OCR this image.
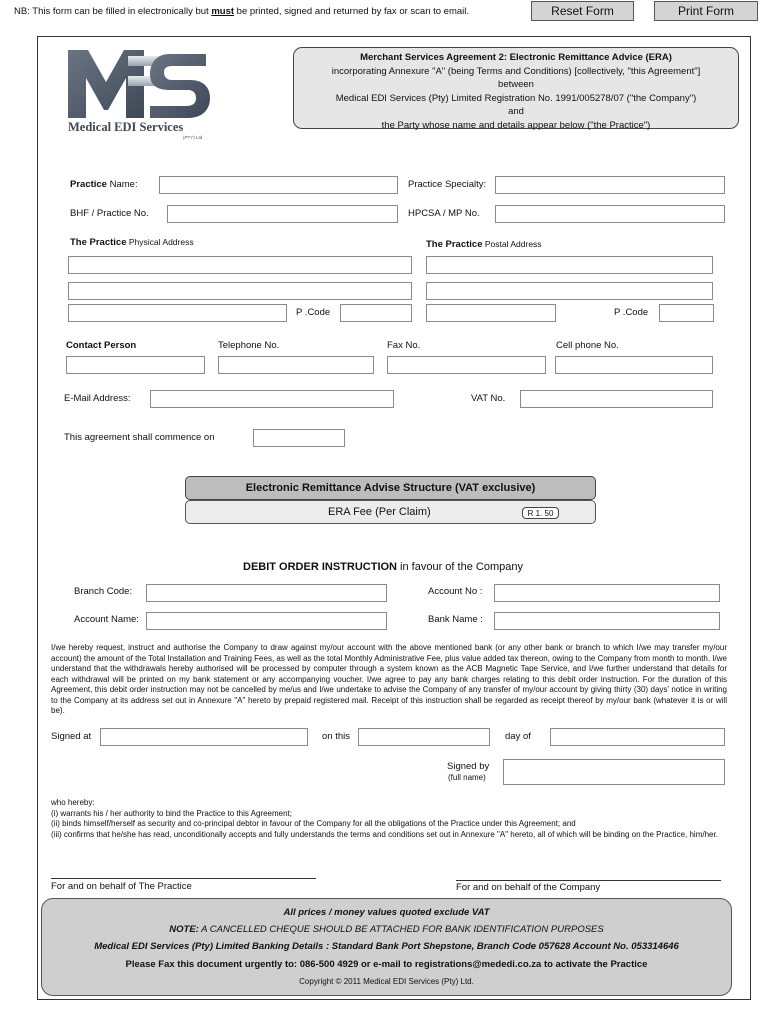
NB: This form can be filled in electronically but must be printed, signed and returned by fax or scan to email.	Reset Form	Print Form
Medical EDI Services
(PTY) Ltd
Merchant Services Agreement 2: Electronic Remittance Advice (ERA)
incorporating Annexure "A" (being Terms and Conditions) [collectively, "this Agreement"]
between
Medical EDI Services (Pty) Limited Registration No. 1991/005278/07 ("the Company")
and
the Party whose name and details appear below ("the Practice")
Practice Name:	Practice Specialty:
BHF / Practice No.	HPCSA / MP No.
The Practice Physical Address	The Practice Postal Address
P .Code	P .Code
Contact Person	Telephone No.	Fax No.	Cell phone No.
E-Mail Address:	VAT No.
This agreement shall commence on
Electronic Remittance Advise Structure (VAT exclusive)
ERA Fee (Per Claim)	R 1. 50
DEBIT ORDER INSTRUCTION in favour of the Company
Branch Code:	Account No :
Account Name:	Bank Name :
I/we hereby request, instruct and authorise the Company to draw against my/our account with the above mentioned bank (or any other bank or branch to which I/we may transfer my/our account) the amount of the Total Installation and Training Fees, as well as the total Monthly Administrative Fee, plus value added tax thereon, owing to the Company from month to month. I/we understand that the withdrawals hereby authorised will be processed by computer through a system known as the ACB Magnetic Tape Service, and I/we further understand that details for each withdrawal will be printed on my bank statement or any accompanying voucher. I/we agree to pay any bank charges relating to this debit order instruction. For the duration of this Agreement, this debit order instruction may not be cancelled by me/us and I/we undertake to advise the Company of any transfer of my/our account by giving thirty (30) days' notice in writing to the Company at its address set out in Annexure "A" hereto by prepaid registered mail. Receipt of this instruction shall be regarded as receipt thereof by my/our bank (whatever it is or will be).
Signed at	on this	day of
Signed by
(full name)
who hereby:
(i) warrants his / her authority to bind the Practice to this Agreement;
(ii) binds himself/herself as security and co-principal debtor in favour of the Company for all the obligations of the Practice under this Agreement; and
(iii) confirms that he/she has read, unconditionally accepts and fully understands the terms and conditions set out in Annexure "A" hereto, all of which will be binding on the Practice, him/her.
For and on behalf of The Practice	For and on behalf of the Company
All prices / money values quoted exclude VAT
NOTE: A CANCELLED CHEQUE SHOULD BE ATTACHED FOR BANK IDENTIFICATION PURPOSES
Medical EDI Services (Pty) Limited Banking Details : Standard Bank Port Shepstone, Branch Code 057628 Account No. 053314646
Please Fax this document urgently to: 086-500 4929 or e-mail to registrations@mededi.co.za to activate the Practice
Copyright © 2011 Medical EDI Services (Pty) Ltd.
